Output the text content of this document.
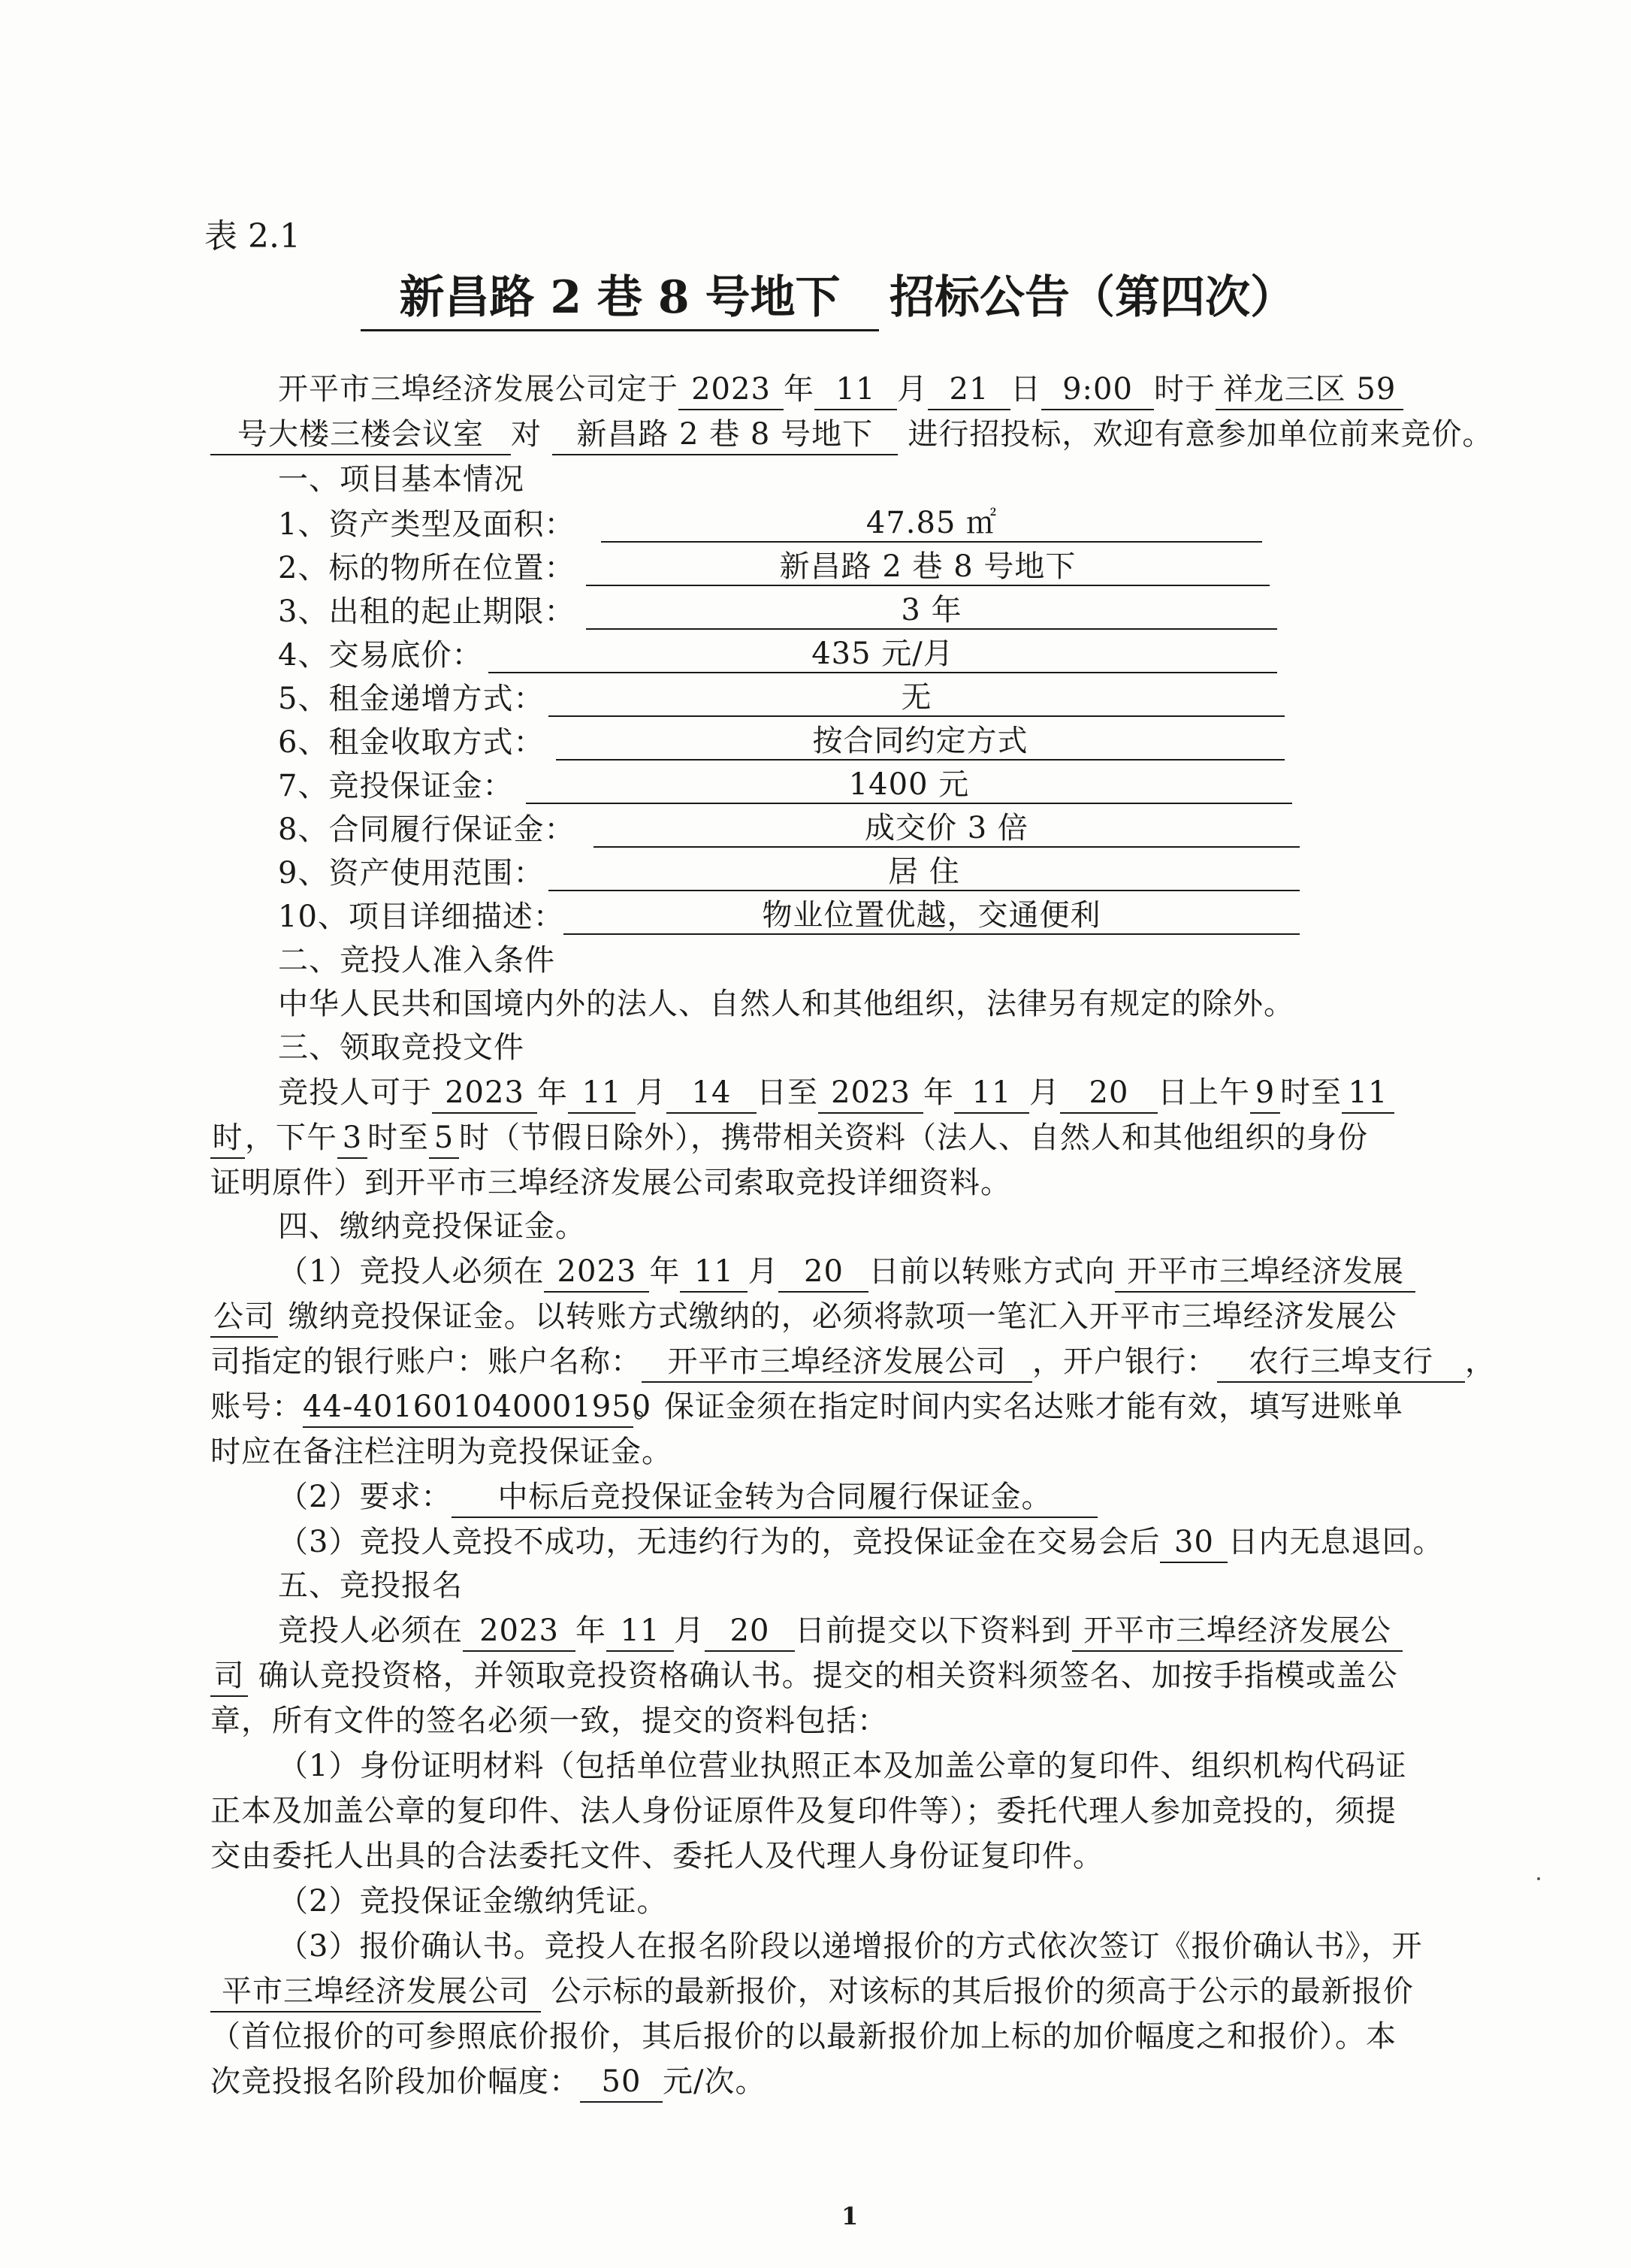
表 2.1
新昌路 2 巷 8 号地下 招标公告（第四次）
开平市三埠经济发展公司定于 2023 年 11 月 21 日 9:00 时于 祥龙三区 59
号大楼三楼会议室 对 新昌路 2 巷 8 号地下 进行招投标，欢迎有意参加单位前来竞价。
一、项目基本情况
1、资产类型及面积：	47.85 ㎡
2、标的物所在位置：	新昌路 2 巷 8 号地下
3、出租的起止期限：	3 年
4、交易底价：	435 元/月
5、租金递增方式：	无
6、租金收取方式：	按合同约定方式
7、竞投保证金：	1400 元
8、合同履行保证金：	成交价 3 倍
9、资产使用范围：	居 住
10、项目详细描述：	物业位置优越，交通便利
二、竞投人准入条件
中华人民共和国境内外的法人、自然人和其他组织，法律另有规定的除外。
三、领取竞投文件
竞投人可于 2023 年 11 月 14 日至 2023 年 11 月 20 日上午 9 时至 11
时，下午 3 时至 5 时（节假日除外），携带相关资料（法人、自然人和其他组织的身份
证明原件）到开平市三埠经济发展公司索取竞投详细资料。
四、缴纳竞投保证金。
（1）竞投人必须在 2023 年 11 月 20 日前以转账方式向 开平市三埠经济发展
公司 缴纳竞投保证金。以转账方式缴纳的，必须将款项一笔汇入开平市三埠经济发展公
司指定的银行账户：账户名称： 开平市三埠经济发展公司 ，开户银行： 农行三埠支行 ，
账号：44-401601040001950。保证金须在指定时间内实名达账才能有效，填写进账单
时应在备注栏注明为竞投保证金。
（2）要求： 中标后竞投保证金转为合同履行保证金。
（3）竞投人竞投不成功，无违约行为的，竞投保证金在交易会后 30 日内无息退回。
五、竞投报名
竞投人必须在 2023 年 11 月 20 日前提交以下资料到 开平市三埠经济发展公
司 确认竞投资格，并领取竞投资格确认书。提交的相关资料须签名、加按手指模或盖公
章，所有文件的签名必须一致，提交的资料包括：
（1）身份证明材料（包括单位营业执照正本及加盖公章的复印件、组织机构代码证
正本及加盖公章的复印件、法人身份证原件及复印件等）；委托代理人参加竞投的，须提
交由委托人出具的合法委托文件、委托人及代理人身份证复印件。
（2）竞投保证金缴纳凭证。
（3）报价确认书。竞投人在报名阶段以递增报价的方式依次签订《报价确认书》，开
平市三埠经济发展公司 公示标的最新报价，对该标的其后报价的须高于公示的最新报价
（首位报价的可参照底价报价，其后报价的以最新报价加上标的加价幅度之和报价）。本
次竞投报名阶段加价幅度： 50 元/次。
1
